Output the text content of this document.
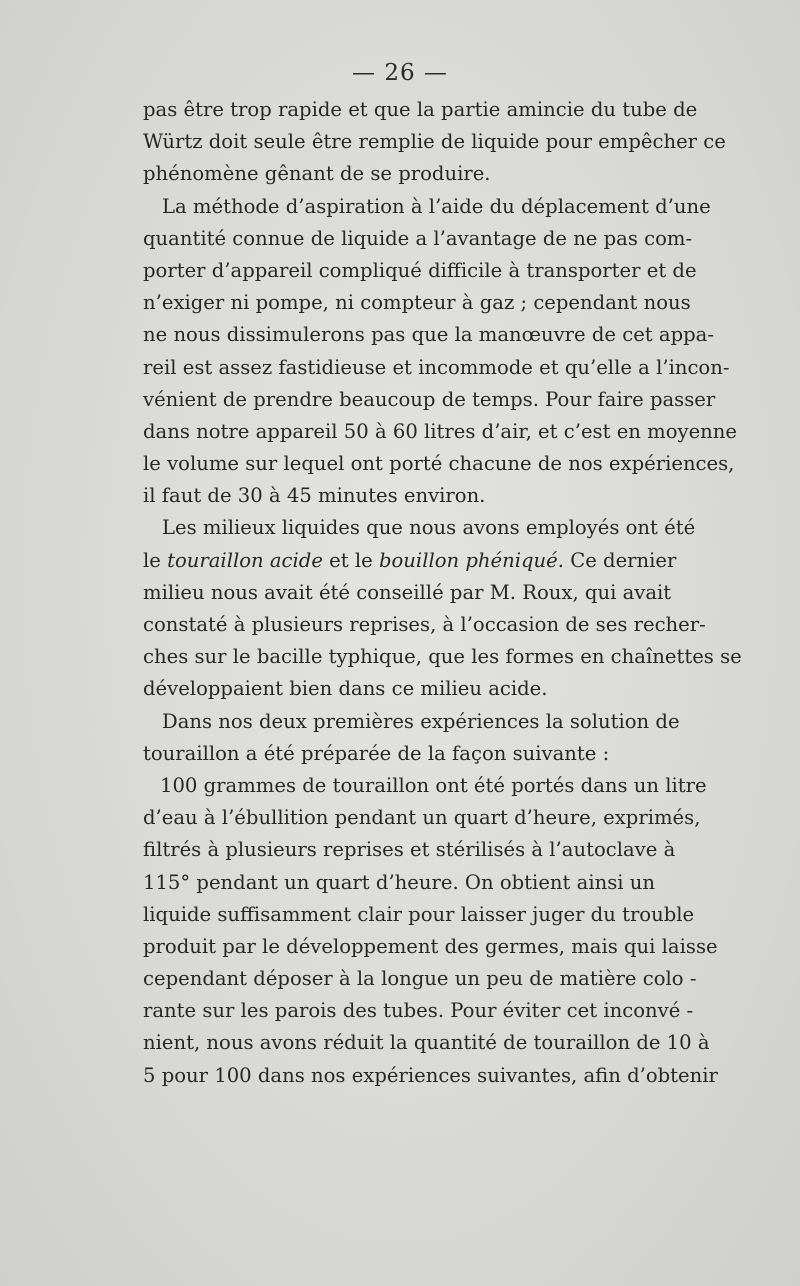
— 26 —
pas être trop rapide et que la partie amincie du tube de
Würtz doit seule être remplie de liquide pour empêcher ce
phénomène gênant de se produire.
La méthode d’aspiration à l’aide du déplacement d’une
quantité connue de liquide a l’avantage de ne pas com-
porter d’appareil compliqué difficile à transporter et de
n’exiger ni pompe, ni compteur à gaz ; cependant nous
ne nous dissimulerons pas que la manœuvre de cet appa-
reil est assez fastidieuse et incommode et qu’elle a l’incon-
vénient de prendre beaucoup de temps. Pour faire passer
dans notre appareil 50 à 60 litres d’air, et c’est en moyenne
le volume sur lequel ont porté chacune de nos expériences,
il faut de 30 à 45 minutes environ.
Les milieux liquides que nous avons employés ont été
le touraillon acide et le bouillon phéniqué. Ce dernier
milieu nous avait été conseillé par M. Roux, qui avait
constaté à plusieurs reprises, à l’occasion de ses recher-
ches sur le bacille typhique, que les formes en chaînettes se
développaient bien dans ce milieu acide.
Dans nos deux premières expériences la solution de
touraillon a été préparée de la façon suivante :
100 grammes de touraillon ont été portés dans un litre
d’eau à l’ébullition pendant un quart d’heure, exprimés,
filtrés à plusieurs reprises et stérilisés à l’autoclave à
115° pendant un quart d’heure. On obtient ainsi un
liquide suffisamment clair pour laisser juger du trouble
produit par le développement des germes, mais qui laisse
cependant déposer à la longue un peu de matière colo -
rante sur les parois des tubes. Pour éviter cet inconvé -
nient, nous avons réduit la quantité de touraillon de 10 à
5 pour 100 dans nos expériences suivantes, afin d’obtenir
